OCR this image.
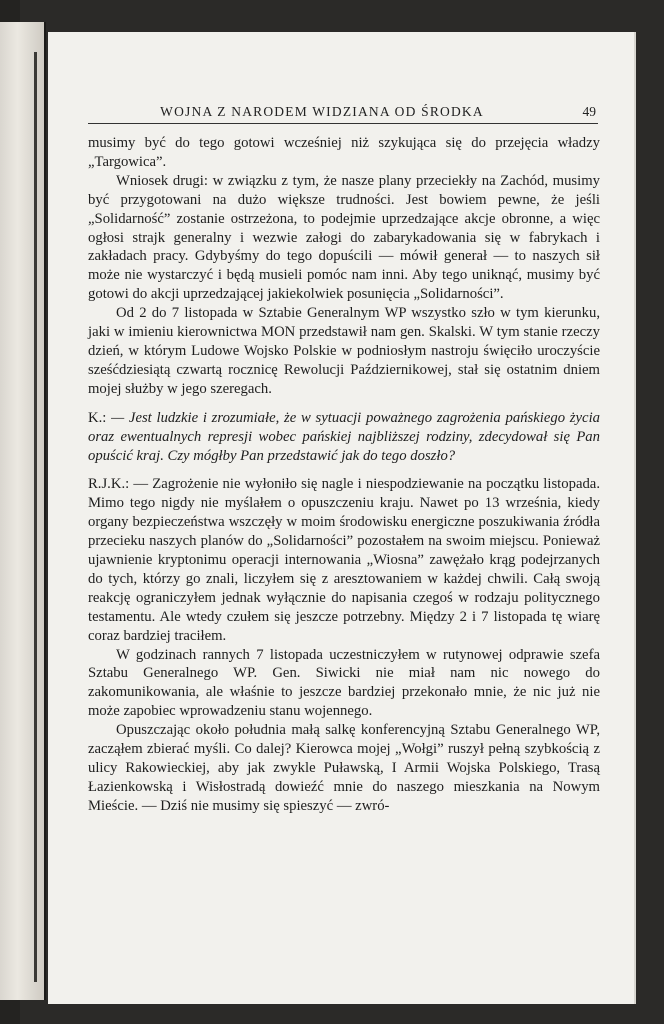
WOJNA Z NARODEM WIDZIANA OD ŚRODKA	49

musimy być do tego gotowi wcześniej niż szykująca się do przejęcia władzy „Targowica”.

Wniosek drugi: w związku z tym, że nasze plany przeciekły na Zachód, musimy być przygotowani na dużo większe trudności. Jest bowiem pewne, że jeśli „Solidarność” zostanie ostrzeżona, to podejmie uprzedzające akcje obronne, a więc ogłosi strajk generalny i wezwie załogi do zabarykadowania się w fabrykach i zakładach pracy. Gdybyśmy do tego dopuścili — mówił generał — to naszych sił może nie wystarczyć i będą musieli pomóc nam inni. Aby tego uniknąć, musimy być gotowi do akcji uprzedzającej jakiekolwiek posunięcia „Solidarności”.

Od 2 do 7 listopada w Sztabie Generalnym WP wszystko szło w tym kierunku, jaki w imieniu kierownictwa MON przedstawił nam gen. Skalski. W tym stanie rzeczy dzień, w którym Ludowe Wojsko Polskie w podniosłym nastroju święciło uroczyście sześćdziesiątą czwartą rocznicę Rewolucji Październikowej, stał się ostatnim dniem mojej służby w jego szeregach.

K.: — Jest ludzkie i zrozumiałe, że w sytuacji poważnego zagrożenia pańskiego życia oraz ewentualnych represji wobec pańskiej najbliższej rodziny, zdecydował się Pan opuścić kraj. Czy mógłby Pan przedstawić jak do tego doszło?

R.J.K.: — Zagrożenie nie wyłoniło się nagle i niespodziewanie na początku listopada. Mimo tego nigdy nie myślałem o opuszczeniu kraju. Nawet po 13 września, kiedy organy bezpieczeństwa wszczęły w moim środowisku energiczne poszukiwania źródła przecieku naszych planów do „Solidarności” pozostałem na swoim miejscu. Ponieważ ujawnienie kryptonimu operacji internowania „Wiosna” zawężało krąg podejrzanych do tych, którzy go znali, liczyłem się z aresztowaniem w każdej chwili. Całą swoją reakcję ograniczyłem jednak wyłącznie do napisania czegoś w rodzaju politycznego testamentu. Ale wtedy czułem się jeszcze potrzebny. Między 2 i 7 listopada tę wiarę coraz bardziej traciłem.

W godzinach rannych 7 listopada uczestniczyłem w rutynowej odprawie szefa Sztabu Generalnego WP. Gen. Siwicki nie miał nam nic nowego do zakomunikowania, ale właśnie to jeszcze bardziej przekonało mnie, że nic już nie może zapobiec wprowadzeniu stanu wojennego.

Opuszczając około południa małą salkę konferencyjną Sztabu Generalnego WP, zacząłem zbierać myśli. Co dalej? Kierowca mojej „Wołgi” ruszył pełną szybkością z ulicy Rakowieckiej, aby jak zwykle Puławską, I Armii Wojska Polskiego, Trasą Łazienkowską i Wisłostradą dowieźć mnie do naszego mieszkania na Nowym Mieście. — Dziś nie musimy się spieszyć — zwró-
